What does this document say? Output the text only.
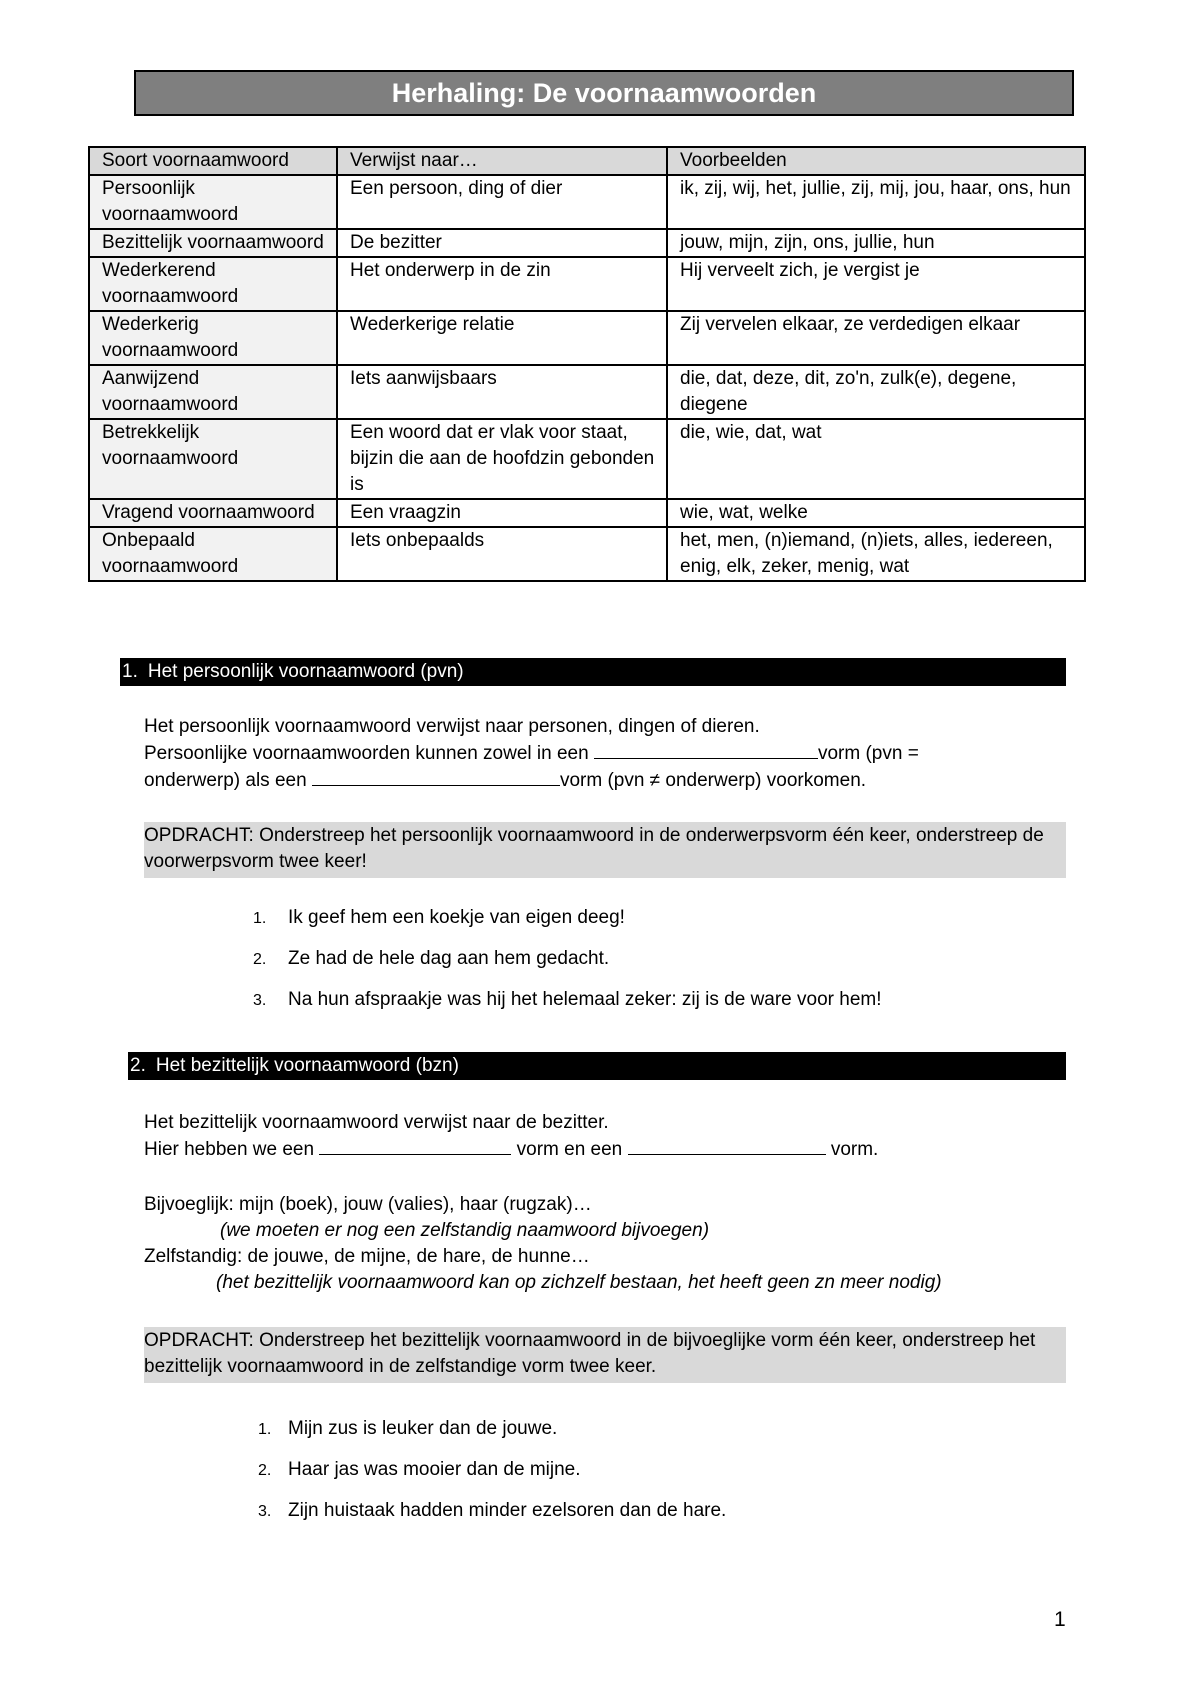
Herhaling: De voornaamwoorden
Soort voornaamwoord	Verwijst naar…	Voorbeelden
Persoonlijk voornaamwoord	Een persoon, ding of dier	ik, zij, wij, het, jullie, zij, mij, jou, haar, ons, hun
Bezittelijk voornaamwoord	De bezitter	jouw, mijn, zijn, ons, jullie, hun
Wederkerend voornaamwoord	Het onderwerp in de zin	Hij verveelt zich, je vergist je
Wederkerig voornaamwoord	Wederkerige relatie	Zij vervelen elkaar, ze verdedigen elkaar
Aanwijzend voornaamwoord	Iets aanwijsbaars	die, dat, deze, dit, zo'n, zulk(e), degene, diegene
Betrekkelijk voornaamwoord	Een woord dat er vlak voor staat, bijzin die aan de hoofdzin gebonden is	die, wie, dat, wat
Vragend voornaamwoord	Een vraagzin	wie, wat, welke
Onbepaald voornaamwoord	Iets onbepaalds	het, men, (n)iemand, (n)iets, alles, iedereen, enig, elk, zeker, menig, wat
1. Het persoonlijk voornaamwoord (pvn)
Het persoonlijk voornaamwoord verwijst naar personen, dingen of dieren.
Persoonlijke voornaamwoorden kunnen zowel in een	vorm (pvn =
onderwerp) als een	vorm (pvn ≠ onderwerp) voorkomen.
OPDRACHT: Onderstreep het persoonlijk voornaamwoord in de onderwerpsvorm één keer, onderstreep de voorwerpsvorm twee keer!
1. Ik geef hem een koekje van eigen deeg!
2. Ze had de hele dag aan hem gedacht.
3. Na hun afspraakje was hij het helemaal zeker: zij is de ware voor hem!
2. Het bezittelijk voornaamwoord (bzn)
Het bezittelijk voornaamwoord verwijst naar de bezitter.
Hier hebben we een	vorm en een	vorm.
Bijvoeglijk: mijn (boek), jouw (valies), haar (rugzak)…
(we moeten er nog een zelfstandig naamwoord bijvoegen)
Zelfstandig: de jouwe, de mijne, de hare, de hunne…
(het bezittelijk voornaamwoord kan op zichzelf bestaan, het heeft geen zn meer nodig)
OPDRACHT: Onderstreep het bezittelijk voornaamwoord in de bijvoeglijke vorm één keer, onderstreep het bezittelijk voornaamwoord in de zelfstandige vorm twee keer.
1. Mijn zus is leuker dan de jouwe.
2. Haar jas was mooier dan de mijne.
3. Zijn huistaak hadden minder ezelsoren dan de hare.
1
